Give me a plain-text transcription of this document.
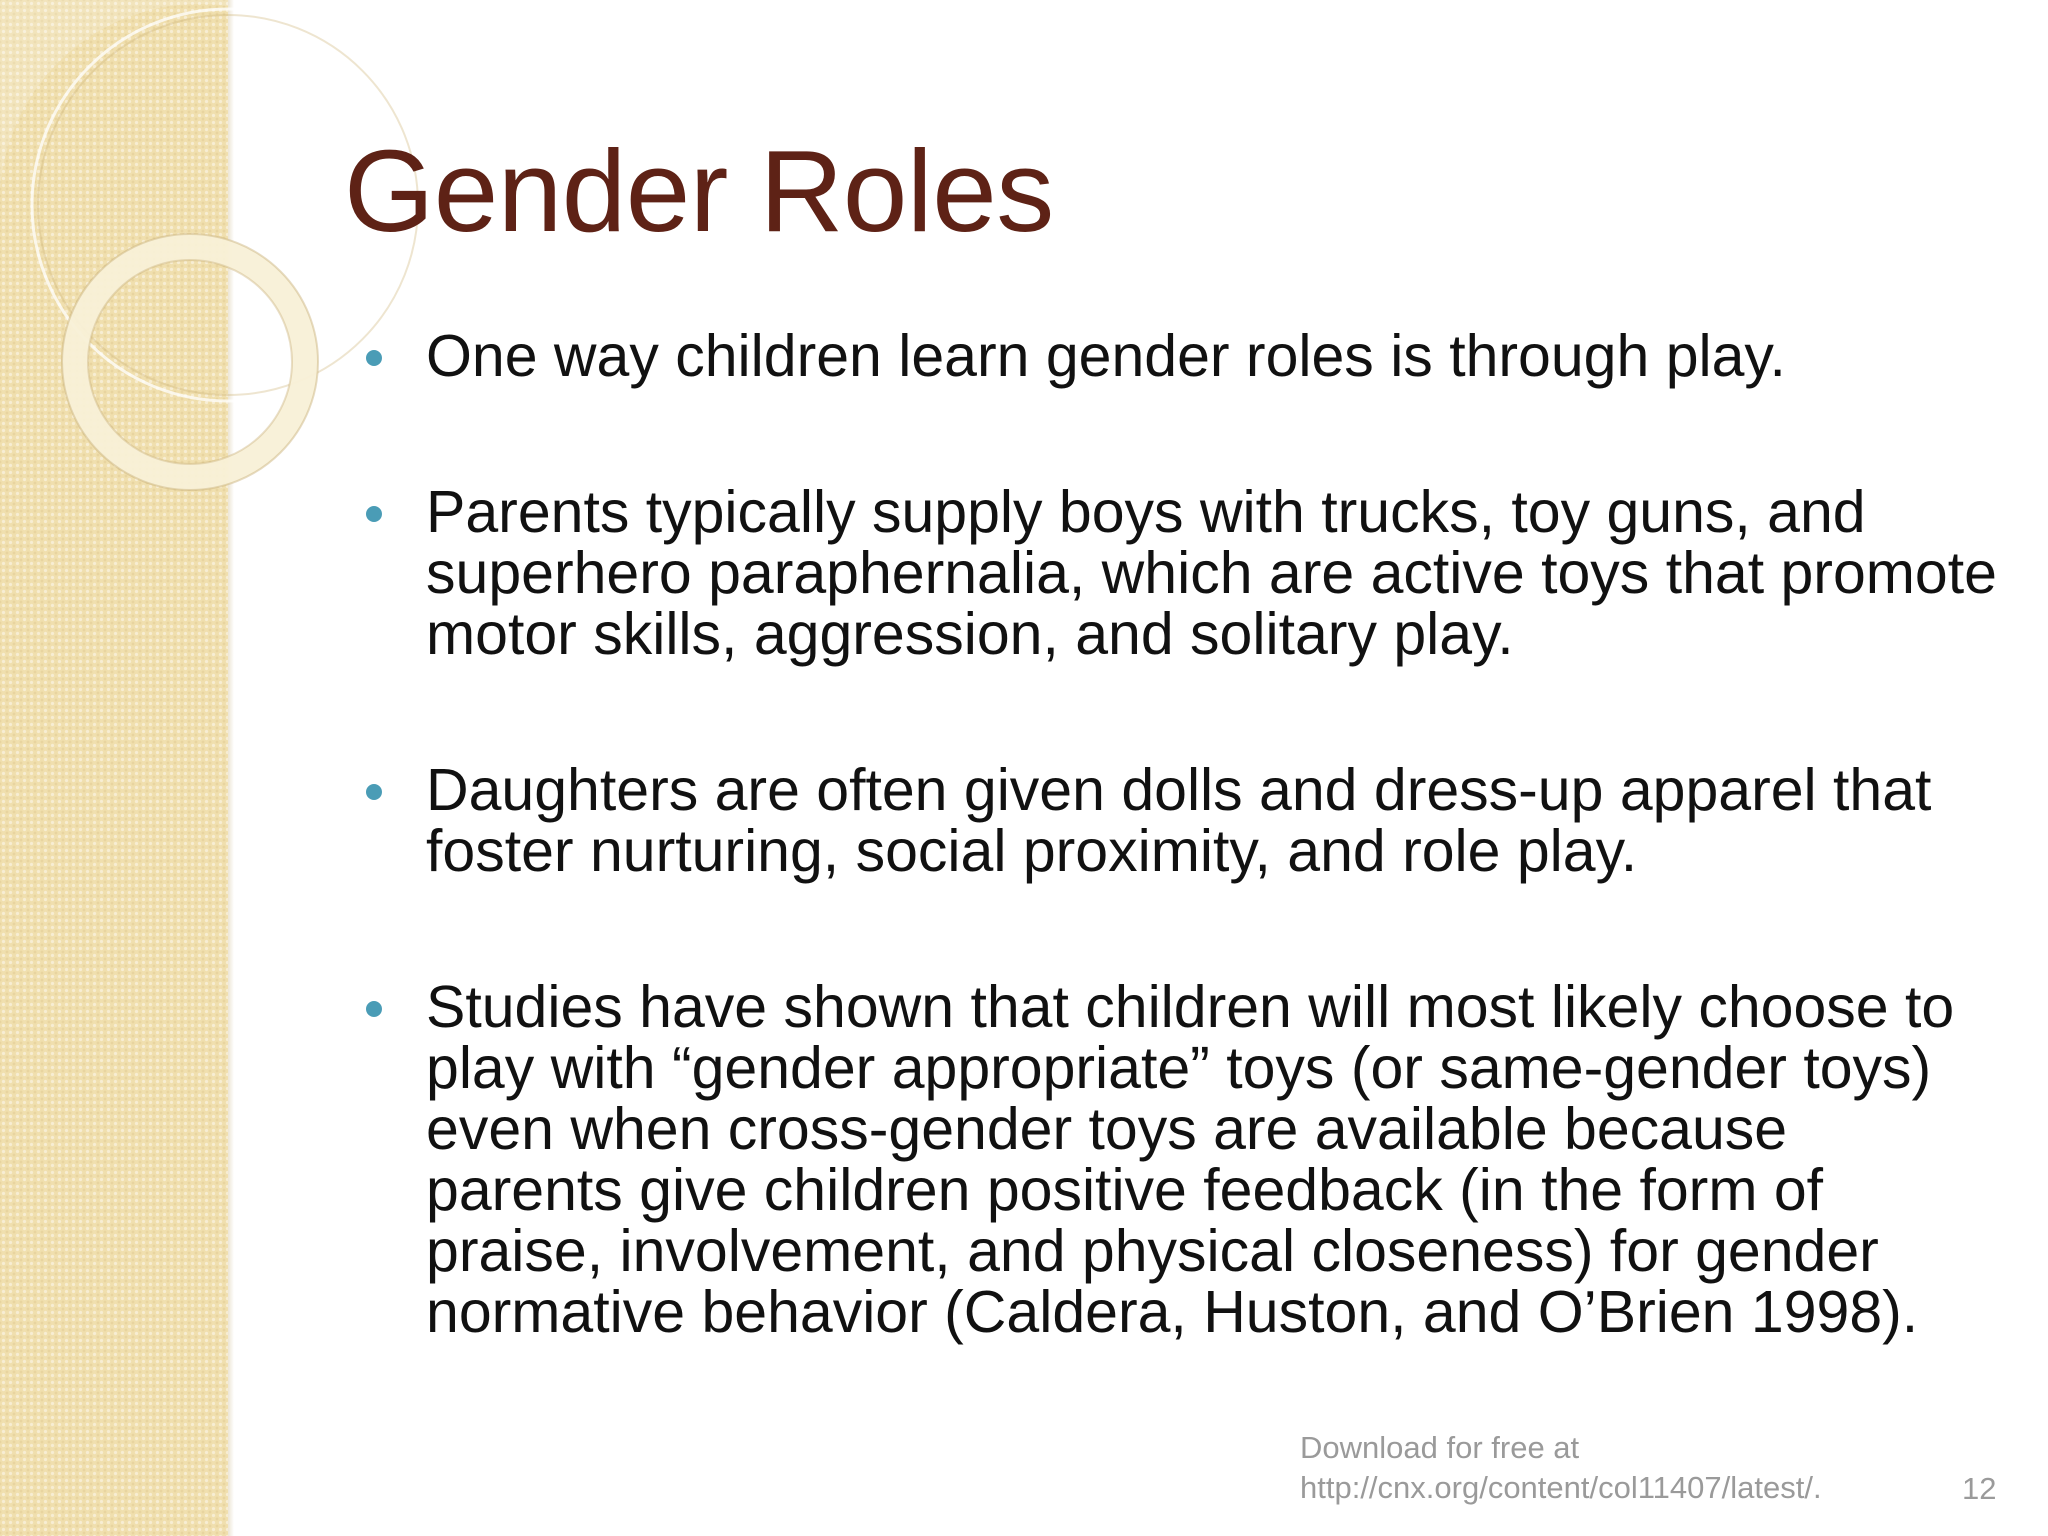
Gender Roles
One way children learn gender roles is through play.
Parents typically supply boys with trucks, toy guns, and superhero paraphernalia, which are active toys that promote motor skills, aggression, and solitary play.
Daughters are often given dolls and dress-up apparel that foster nurturing, social proximity, and role play.
Studies have shown that children will most likely choose to play with “gender appropriate” toys (or same-gender toys) even when cross-gender toys are available because parents give children positive feedback (in the form of praise, involvement, and physical closeness) for gender normative behavior (Caldera, Huston, and O’Brien 1998).
Download for free at
http://cnx.org/content/col11407/latest/.	12
